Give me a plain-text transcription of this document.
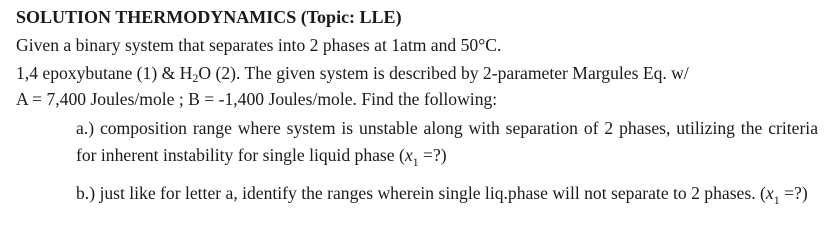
SOLUTION THERMODYNAMICS (Topic: LLE)
Given a binary system that separates into 2 phases at 1atm and 50°C.
1,4 epoxybutane (1) & $H_2O$ (2). The given system is described by 2-parameter Margules Eq. w/
A = 7,400 Joules/mole ; B = -1,400 Joules/mole. Find the following:
a.) composition range where system is unstable along with separation of 2 phases, utilizing the criteria for inherent instability for single liquid phase ($x_1$ =?)
b.) just like for letter a, identify the ranges wherein single liq.phase will not separate to 2 phases. ($x_1$ =?)
